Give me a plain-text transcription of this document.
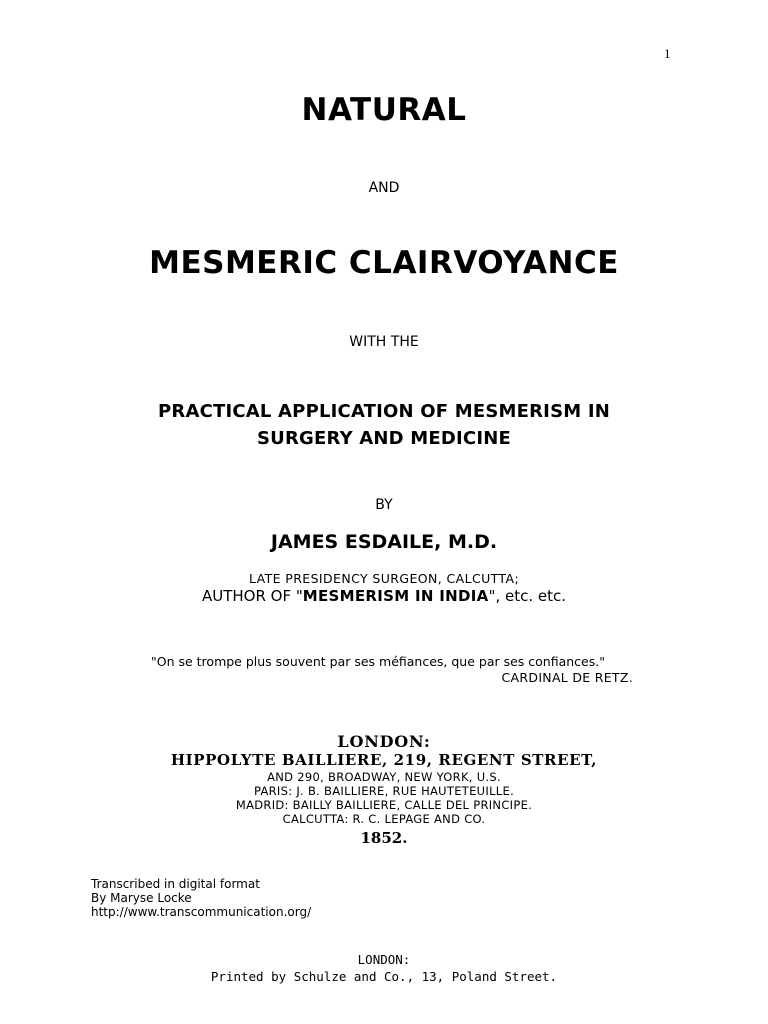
1
NATURAL
AND
MESMERIC CLAIRVOYANCE
WITH THE
PRACTICAL APPLICATION OF MESMERISM IN
SURGERY AND MEDICINE
BY
JAMES ESDAILE, M.D.
LATE PRESIDENCY SURGEON, CALCUTTA;
AUTHOR OF "MESMERISM IN INDIA", etc. etc.
"On se trompe plus souvent par ses méfiances, que par ses confiances."
CARDINAL DE RETZ.
LONDON:
HIPPOLYTE BAILLIERE, 219, REGENT STREET,
AND 290, BROADWAY, NEW YORK, U.S.
PARIS: J. B. BAILLIERE, RUE HAUTETEUILLE.
MADRID: BAILLY BAILLIERE, CALLE DEL PRINCIPE.
CALCUTTA: R. C. LEPAGE AND CO.
1852.
Transcribed in digital format
By Maryse Locke
http://www.transcommunication.org/
LONDON:
Printed by Schulze and Co., 13, Poland Street.
